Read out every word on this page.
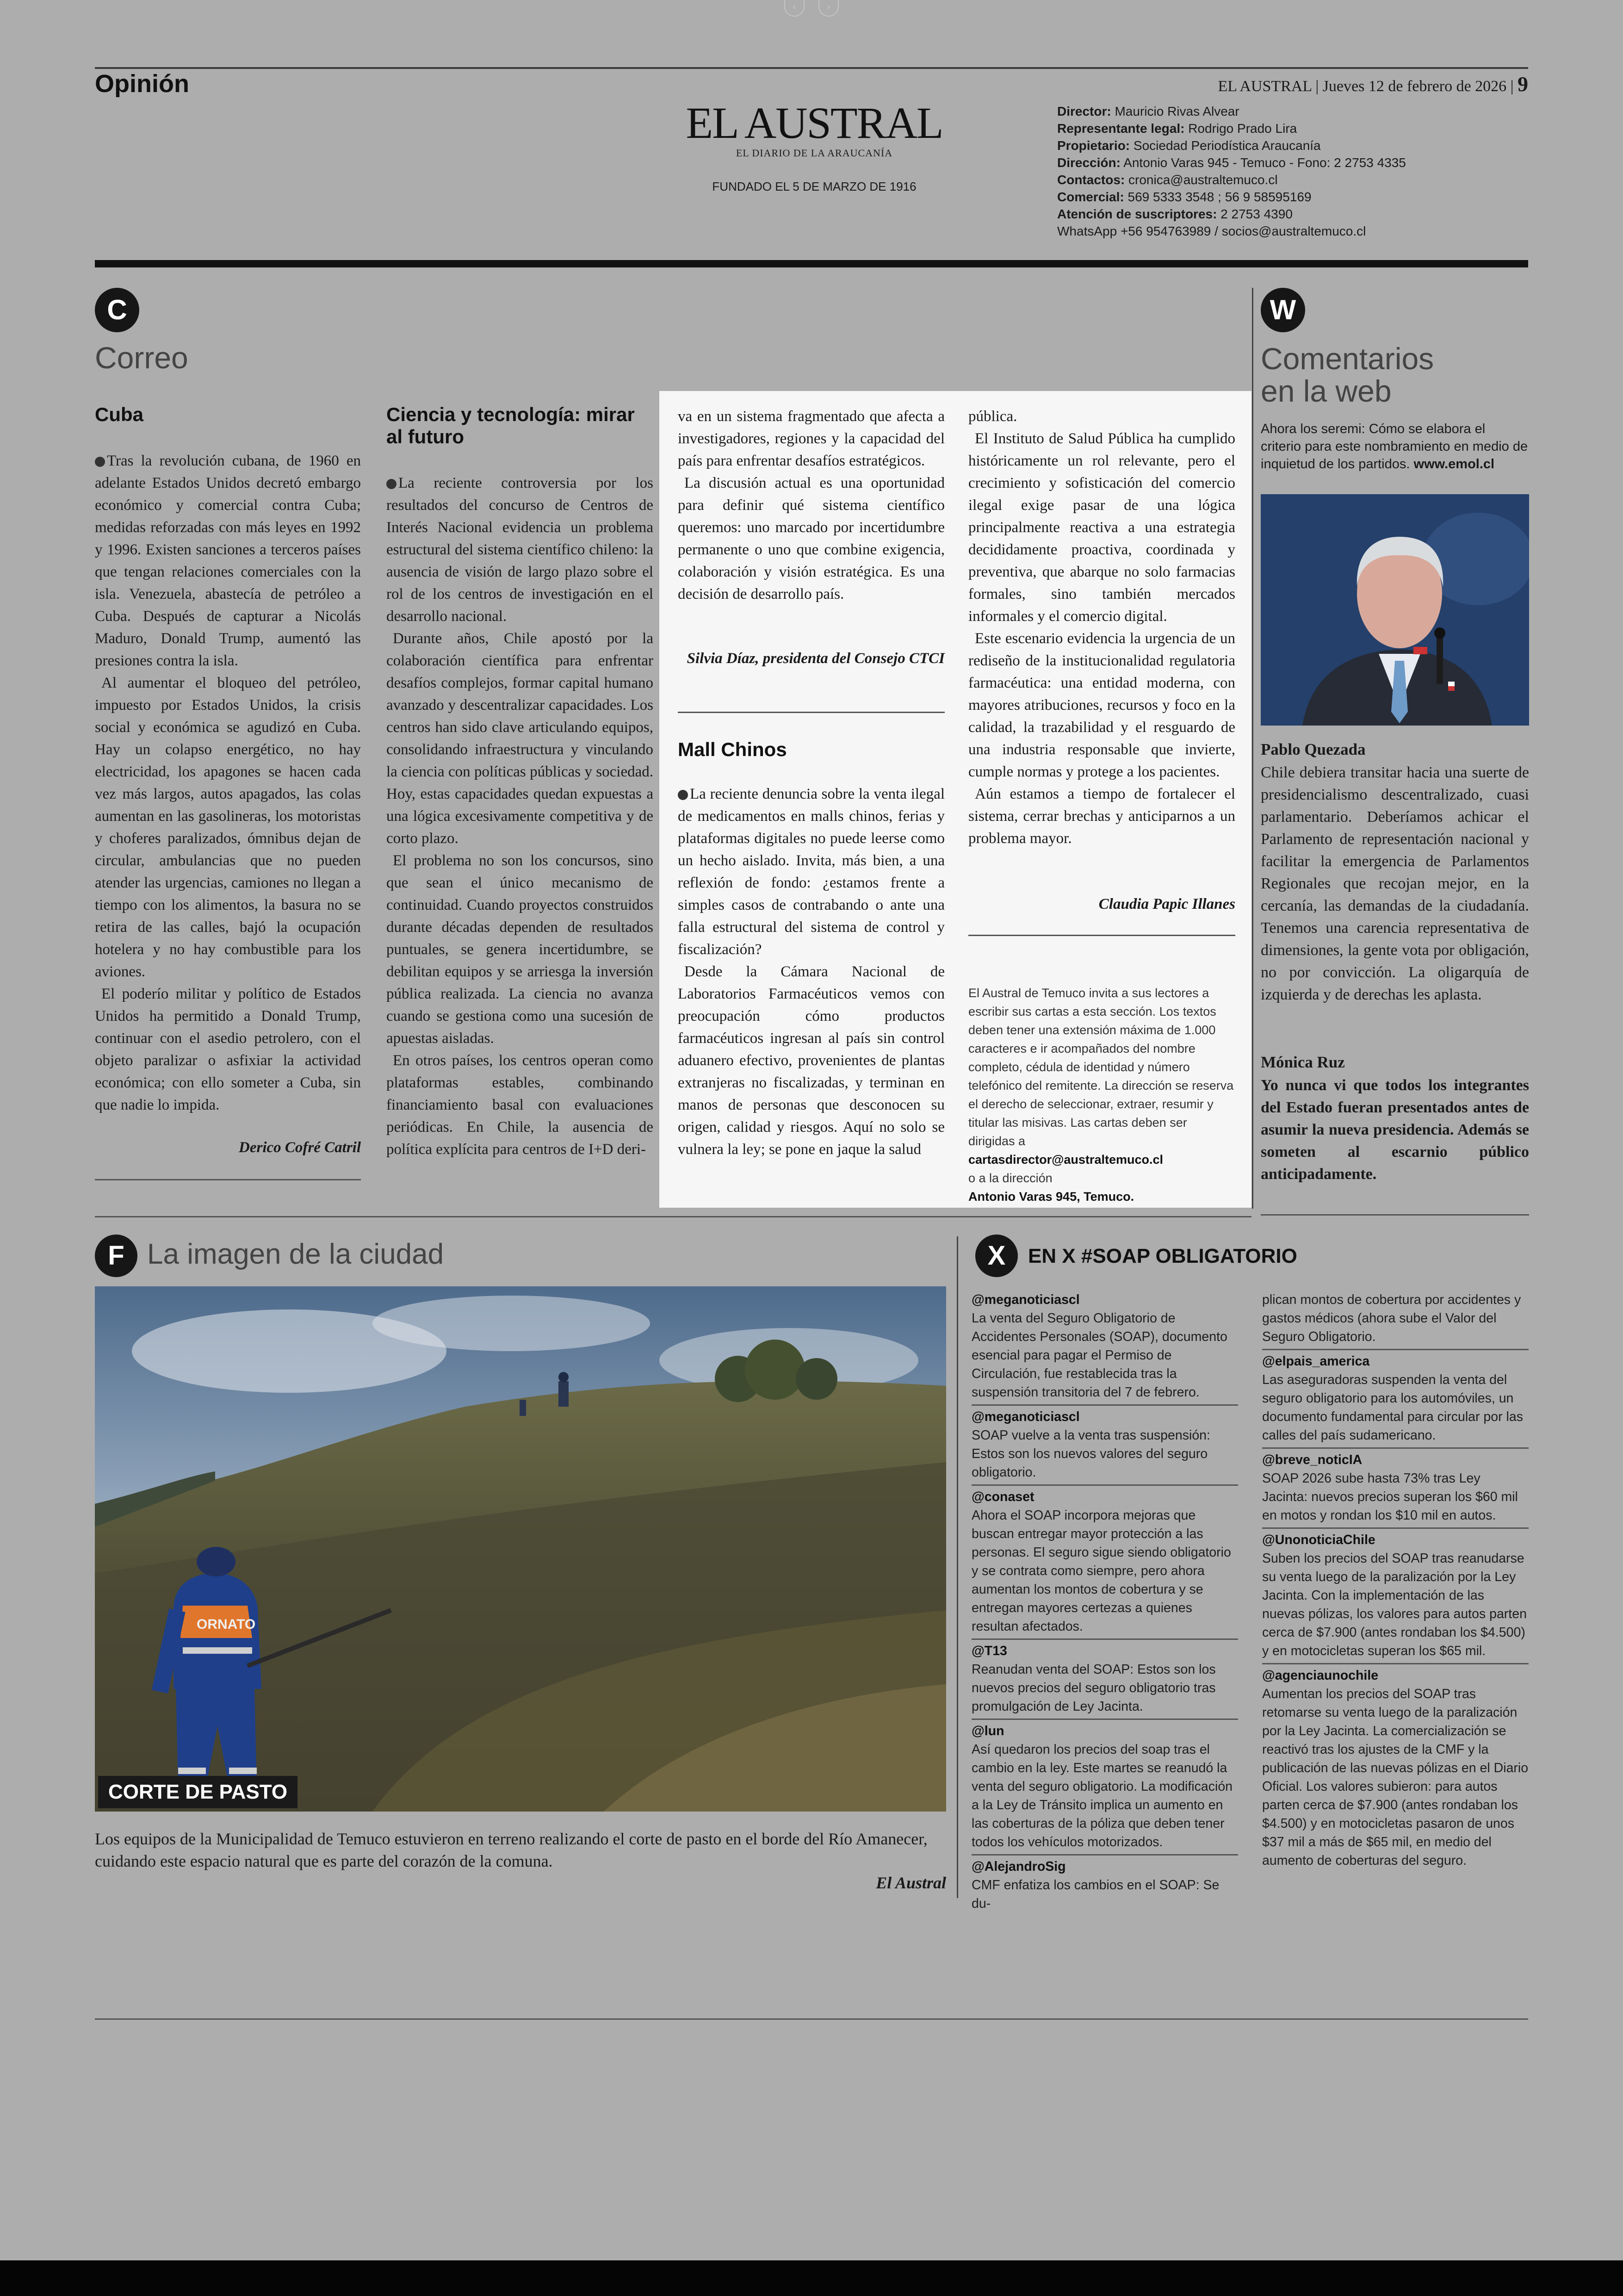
‹	›
Opinión	EL AUSTRAL | Jueves 12 de febrero de 2026 | 9
EL AUSTRAL
EL DIARIO DE LA ARAUCANÍA
FUNDADO EL 5 DE MARZO DE 1916
Director: Mauricio Rivas Alvear
Representante legal: Rodrigo Prado Lira
Propietario: Sociedad Periodística Araucanía
Dirección: Antonio Varas 945 - Temuco - Fono: 2 2753 4335
Contactos: cronica@australtemuco.cl
Comercial: 569 5333 3548 ; 56 9 58595169
Atención de suscriptores: 2 2753 4390
WhatsApp +56 954763989 / socios@australtemuco.cl
C
Correo
Cuba

Tras la revolución cubana, de 1960 en adelante Estados Unidos decretó embargo económico y comercial contra Cuba; medidas reforzadas con más leyes en 1992 y 1996. Existen sanciones a terceros países que tengan relaciones comerciales con la isla. Venezuela, abastecía de petróleo a Cuba. Después de capturar a Nicolás Maduro, Donald Trump, aumentó las presiones contra la isla.

Al aumentar el bloqueo del petróleo, impuesto por Estados Unidos, la crisis social y económica se agudizó en Cuba. Hay un colapso energético, no hay electricidad, los apagones se hacen cada vez más largos, autos apagados, las colas aumentan en las gasolineras, los motoristas y choferes paralizados, ómnibus dejan de circular, ambulancias que no pueden atender las urgencias, camiones no llegan a tiempo con los alimentos, la basura no se retira de las calles, bajó la ocupación hotelera y no hay combustible para los aviones.

El poderío militar y político de Estados Unidos ha permitido a Donald Trump, continuar con el asedio petrolero, con el objeto paralizar o asfixiar la actividad económica; con ello someter a Cuba, sin que nadie lo impida.

Derico Cofré Catril
Ciencia y tecnología: mirar al futuro

La reciente controversia por los resultados del concurso de Centros de Interés Nacional evidencia un problema estructural del sistema científico chileno: la ausencia de visión de largo plazo sobre el rol de los centros de investigación en el desarrollo nacional.

Durante años, Chile apostó por la colaboración científica para enfrentar desafíos complejos, formar capital humano avanzado y descentralizar capacidades. Los centros han sido clave articulando equipos, consolidando infraestructura y vinculando la ciencia con políticas públicas y sociedad. Hoy, estas capacidades quedan expuestas a una lógica excesivamente competitiva y de corto plazo.

El problema no son los concursos, sino que sean el único mecanismo de continuidad. Cuando proyectos construidos durante décadas dependen de resultados puntuales, se genera incertidumbre, se debilitan equipos y se arriesga la inversión pública realizada. La ciencia no avanza cuando se gestiona como una sucesión de apuestas aisladas.

En otros países, los centros operan como plataformas estables, combinando financiamiento basal con evaluaciones periódicas. En Chile, la ausencia de política explícita para centros de I+D deri-

va en un sistema fragmentado que afecta a investigadores, regiones y la capacidad del país para enfrentar desafíos estratégicos.

La discusión actual es una oportunidad para definir qué sistema científico queremos: uno marcado por incertidumbre permanente o uno que combine exigencia, colaboración y visión estratégica. Es una decisión de desarrollo país.

Silvia Díaz, presidenta del Consejo CTCI
Mall Chinos

La reciente denuncia sobre la venta ilegal de medicamentos en malls chinos, ferias y plataformas digitales no puede leerse como un hecho aislado. Invita, más bien, a una reflexión de fondo: ¿estamos frente a simples casos de contrabando o ante una falla estructural del sistema de control y fiscalización?

Desde la Cámara Nacional de Laboratorios Farmacéuticos vemos con preocupación cómo productos farmacéuticos ingresan al país sin control aduanero efectivo, provenientes de plantas extranjeras no fiscalizadas, y terminan en manos de personas que desconocen su origen, calidad y riesgos. Aquí no solo se vulnera la ley; se pone en jaque la salud

pública.

El Instituto de Salud Pública ha cumplido históricamente un rol relevante, pero el crecimiento y sofisticación del comercio ilegal exige pasar de una lógica principalmente reactiva a una estrategia decididamente proactiva, coordinada y preventiva, que abarque no solo farmacias formales, sino también mercados informales y el comercio digital.

Este escenario evidencia la urgencia de un rediseño de la institucionalidad regulatoria farmacéutica: una entidad moderna, con mayores atribuciones, recursos y foco en la calidad, la trazabilidad y el resguardo de una industria responsable que invierte, cumple normas y protege a los pacientes.

Aún estamos a tiempo de fortalecer el sistema, cerrar brechas y anticiparnos a un problema mayor.

Claudia Papic Illanes
El Austral de Temuco invita a sus lectores a escribir sus cartas a esta sección. Los textos deben tener una extensión máxima de 1.000 caracteres e ir acompañados del nombre completo, cédula de identidad y número telefónico del remitente. La dirección se reserva el derecho de seleccionar, extraer, resumir y titular las misivas. Las cartas deben ser dirigidas a
cartasdirector@australtemuco.cl
o a la dirección
Antonio Varas 945, Temuco.
W
Comentarios
en la web
Ahora los seremi: Cómo se elabora el criterio para este nombramiento en medio de inquietud de los partidos. www.emol.cl
Pablo Quezada
Chile debiera transitar hacia una suerte de presidencialismo descentralizado, cuasi parlamentario. Deberíamos achicar el Parlamento de representación nacional y facilitar la emergencia de Parlamentos Regionales que recojan mejor, en la cercanía, las demandas de la ciudadanía. Tenemos una carencia representativa de dimensiones, la gente vota por obligación, no por convicción. La oligarquía de izquierda y de derechas les aplasta.
Mónica Ruz
Yo nunca vi que todos los integrantes del Estado fueran presentados antes de asumir la nueva presidencia. Además se someten al escarnio público anticipadamente.
F La imagen de la ciudad
ORNATO
CORTE DE PASTO
Los equipos de la Municipalidad de Temuco estuvieron en terreno realizando el corte de pasto en el borde del Río Amanecer, cuidando este espacio natural que es parte del corazón de la comuna.
El Austral
X	EN X #SOAP OBLIGATORIO
@meganoticiascl
La venta del Seguro Obligatorio de Accidentes Personales (SOAP), documento esencial para pagar el Permiso de Circulación, fue restablecida tras la suspensión transitoria del 7 de febrero.
@meganoticiascl
SOAP vuelve a la venta tras suspensión: Estos son los nuevos valores del seguro obligatorio.
@conaset
Ahora el SOAP incorpora mejoras que buscan entregar mayor protección a las personas. El seguro sigue siendo obligatorio y se contrata como siempre, pero ahora aumentan los montos de cobertura y se entregan mayores certezas a quienes resultan afectados.
@T13
Reanudan venta del SOAP: Estos son los nuevos precios del seguro obligatorio tras promulgación de Ley Jacinta.
@lun
Así quedaron los precios del soap tras el cambio en la ley. Este martes se reanudó la venta del seguro obligatorio. La modificación a la Ley de Tránsito implica un aumento en las coberturas de la póliza que deben tener todos los vehículos motorizados.
@AlejandroSig
CMF enfatiza los cambios en el SOAP: Se du-
plican montos de cobertura por accidentes y gastos médicos (ahora sube el Valor del Seguro Obligatorio.
@elpais_america
Las aseguradoras suspenden la venta del seguro obligatorio para los automóviles, un documento fundamental para circular por las calles del país sudamericano.
@breve_noticIA
SOAP 2026 sube hasta 73% tras Ley Jacinta: nuevos precios superan los $60 mil en motos y rondan los $10 mil en autos.
@UnonoticiaChile
Suben los precios del SOAP tras reanudarse su venta luego de la paralización por la Ley Jacinta. Con la implementación de las nuevas pólizas, los valores para autos parten cerca de $7.900 (antes rondaban los $4.500) y en motocicletas superan los $65 mil.
@agenciaunochile
Aumentan los precios del SOAP tras retomarse su venta luego de la paralización por la Ley Jacinta. La comercialización se reactivó tras los ajustes de la CMF y la publicación de las nuevas pólizas en el Diario Oficial. Los valores subieron: para autos parten cerca de $7.900 (antes rondaban los $4.500) y en motocicletas pasaron de unos $37 mil a más de $65 mil, en medio del aumento de coberturas del seguro.
